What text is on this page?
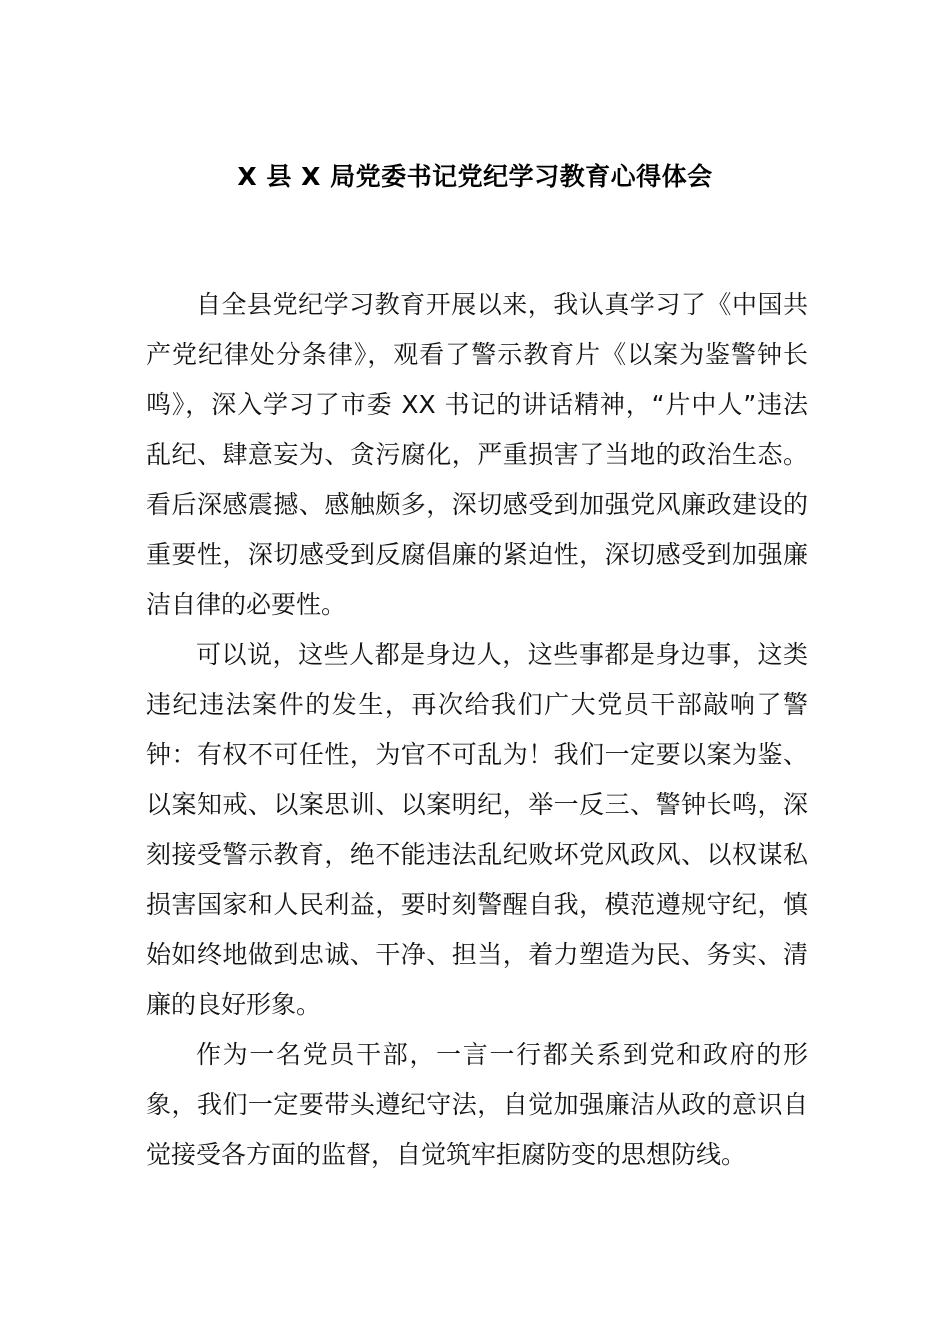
X 县 X 局党委书记党纪学习教育心得体会

自全县党纪学习教育开展以来，我认真学习了《中国共产党纪律处分条律》，观看了警示教育片《以案为鉴警钟长鸣》，深入学习了市委 XX 书记的讲话精神，“片中人”违法乱纪、肆意妄为、贪污腐化，严重损害了当地的政治生态。看后深感震撼、感触颇多，深切感受到加强党风廉政建设的重要性，深切感受到反腐倡廉的紧迫性，深切感受到加强廉洁自律的必要性。

可以说，这些人都是身边人，这些事都是身边事，这类违纪违法案件的发生，再次给我们广大党员干部敲响了警钟：有权不可任性，为官不可乱为！我们一定要以案为鉴、以案知戒、以案思训、以案明纪，举一反三、警钟长鸣，深刻接受警示教育，绝不能违法乱纪败坏党风政风、以权谋私损害国家和人民利益，要时刻警醒自我，模范遵规守纪，慎始如终地做到忠诚、干净、担当，着力塑造为民、务实、清廉的良好形象。

作为一名党员干部，一言一行都关系到党和政府的形象，我们一定要带头遵纪守法，自觉加强廉洁从政的意识自觉接受各方面的监督，自觉筑牢拒腐防变的思想防线。
